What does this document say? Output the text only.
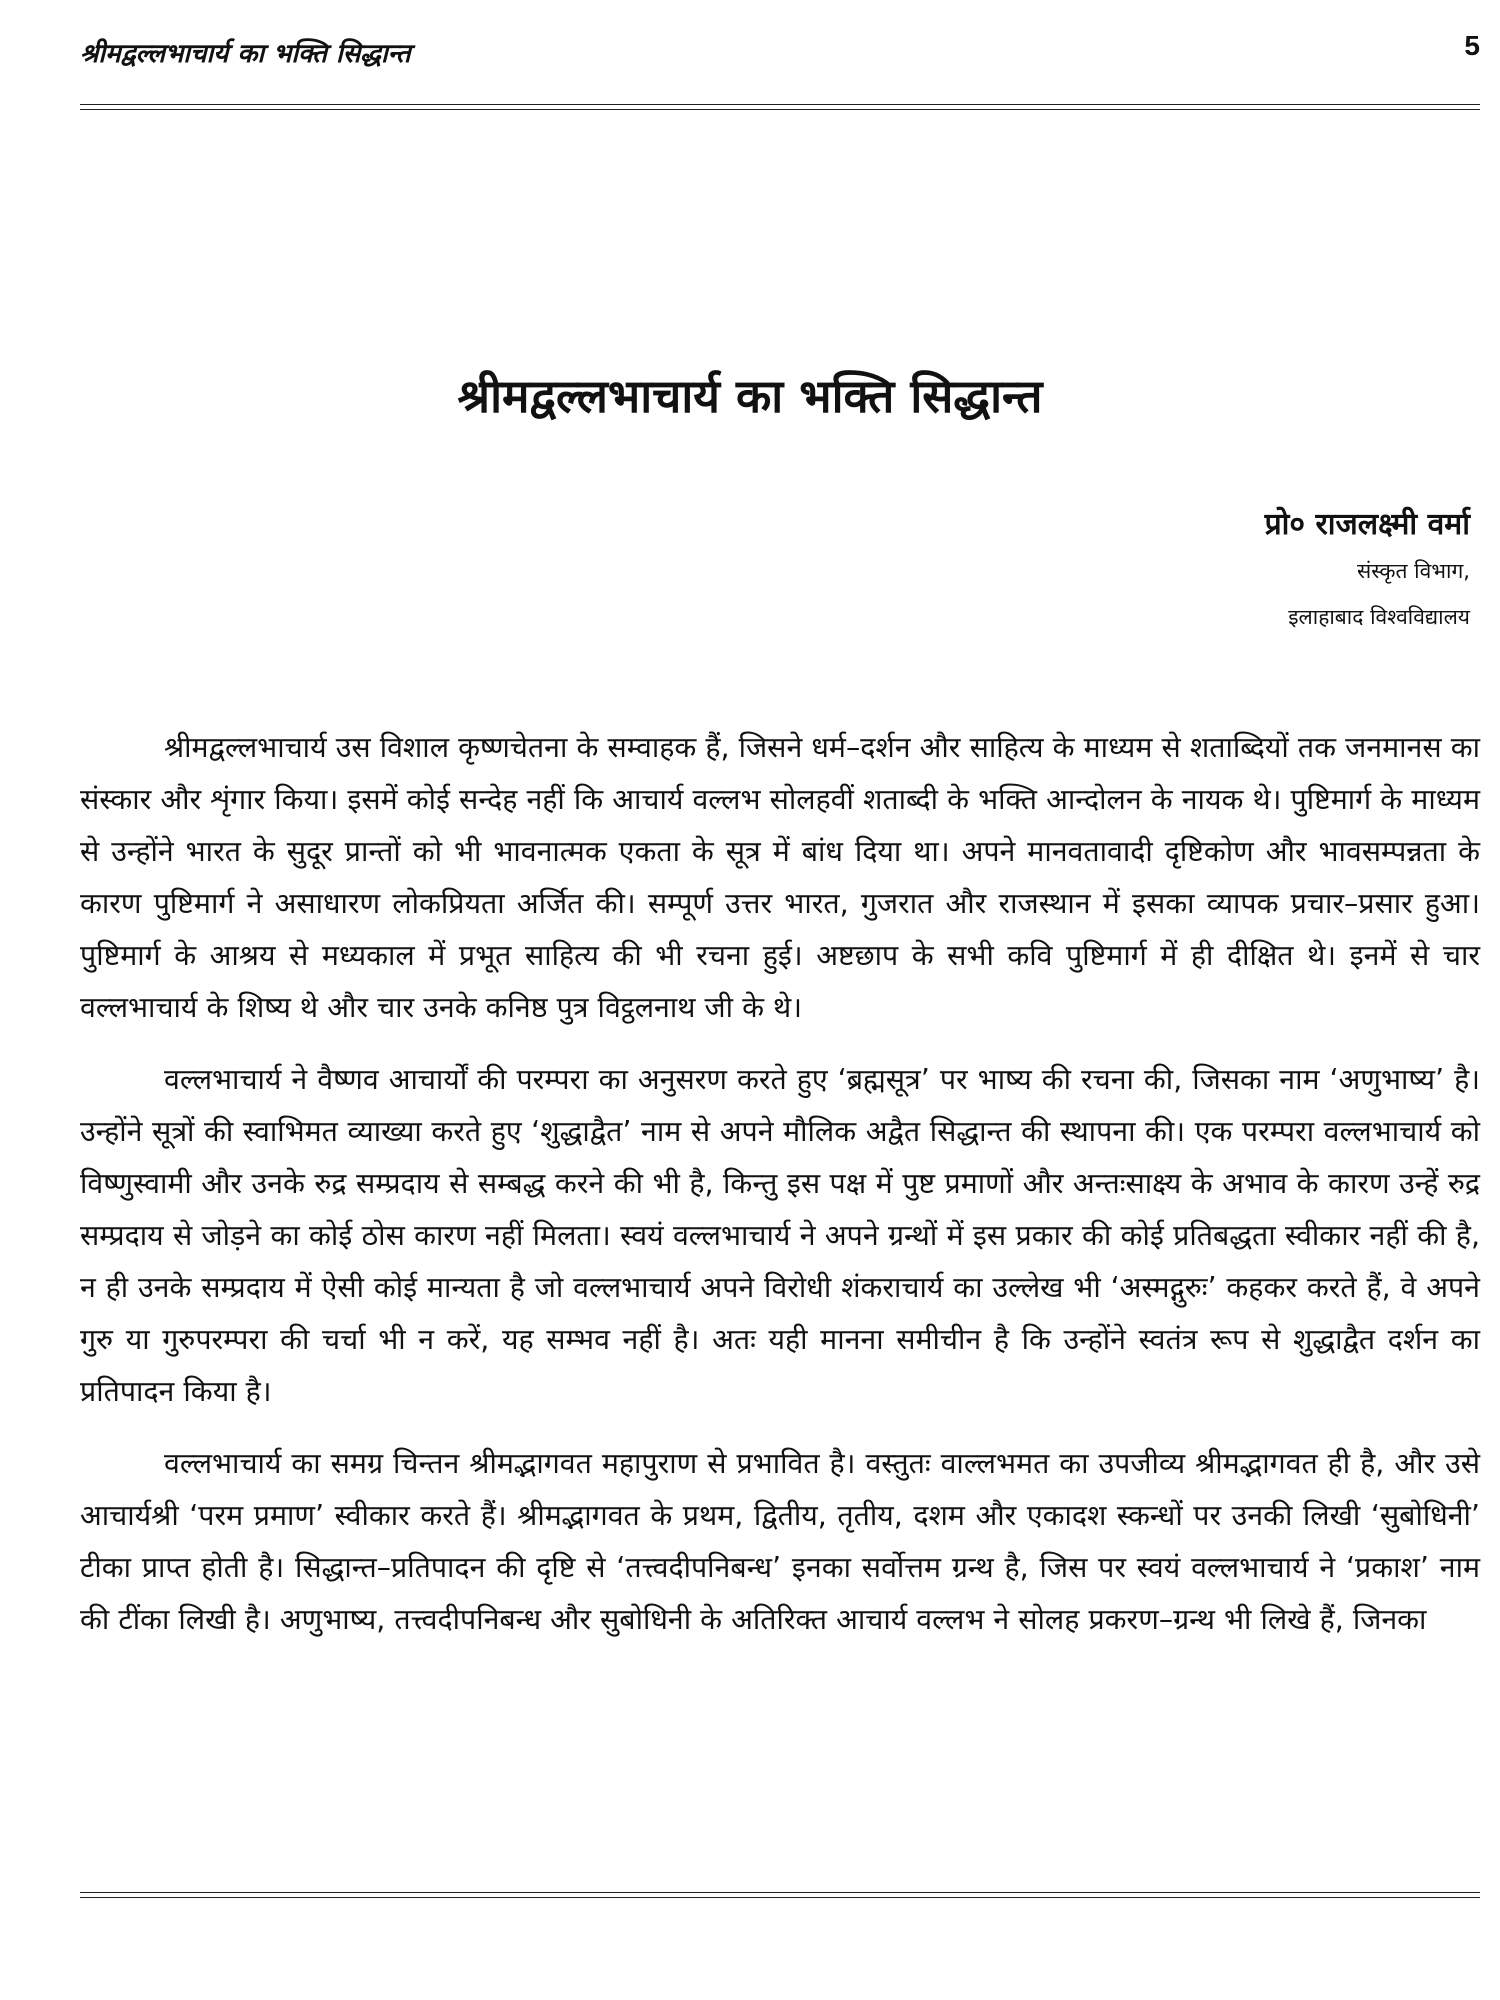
श्रीमद्वल्लभाचार्य का भक्ति सिद्धान्त	5
श्रीमद्वल्लभाचार्य का भक्ति सिद्धान्त
प्रो० राजलक्ष्मी वर्मा
संस्कृत विभाग,
इलाहाबाद विश्वविद्यालय

श्रीमद्वल्लभाचार्य उस विशाल कृष्णचेतना के सम्वाहक हैं, जिसने धर्म–दर्शन और साहित्य के माध्यम से शताब्दियों तक जनमानस का संस्कार और शृंगार किया। इसमें कोई सन्देह नहीं कि आचार्य वल्लभ सोलहवीं शताब्दी के भक्ति आन्दोलन के नायक थे। पुष्टिमार्ग के माध्यम से उन्होंने भारत के सुदूर प्रान्तों को भी भावनात्मक एकता के सूत्र में बांध दिया था। अपने मानवतावादी दृष्टिकोण और भावसम्पन्नता के कारण पुष्टिमार्ग ने असाधारण लोकप्रियता अर्जित की। सम्पूर्ण उत्तर भारत, गुजरात और राजस्थान में इसका व्यापक प्रचार–प्रसार हुआ। पुष्टिमार्ग के आश्रय से मध्यकाल में प्रभूत साहित्य की भी रचना हुई। अष्टछाप के सभी कवि पुष्टिमार्ग में ही दीक्षित थे। इनमें से चार वल्लभाचार्य के शिष्य थे और चार उनके कनिष्ठ पुत्र विट्ठलनाथ जी के थे।

वल्लभाचार्य ने वैष्णव आचार्यों की परम्परा का अनुसरण करते हुए ‘ब्रह्मसूत्र’ पर भाष्य की रचना की, जिसका नाम ‘अणुभाष्य’ है। उन्होंने सूत्रों की स्वाभिमत व्याख्या करते हुए ‘शुद्धाद्वैत’ नाम से अपने मौलिक अद्वैत सिद्धान्त की स्थापना की। एक परम्परा वल्लभाचार्य को विष्णुस्वामी और उनके रुद्र सम्प्रदाय से सम्बद्ध करने की भी है, किन्तु इस पक्ष में पुष्ट प्रमाणों और अन्तःसाक्ष्य के अभाव के कारण उन्हें रुद्र सम्प्रदाय से जोड़ने का कोई ठोस कारण नहीं मिलता। स्वयं वल्लभाचार्य ने अपने ग्रन्थों में इस प्रकार की कोई प्रतिबद्धता स्वीकार नहीं की है, न ही उनके सम्प्रदाय में ऐसी कोई मान्यता है जो वल्लभाचार्य अपने विरोधी शंकराचार्य का उल्लेख भी ‘अस्मद्गुरुः’ कहकर करते हैं, वे अपने गुरु या गुरुपरम्परा की चर्चा भी न करें, यह सम्भव नहीं है। अतः यही मानना समीचीन है कि उन्होंने स्वतंत्र रूप से शुद्धाद्वैत दर्शन का प्रतिपादन किया है।

वल्लभाचार्य का समग्र चिन्तन श्रीमद्भागवत महापुराण से प्रभावित है। वस्तुतः वाल्लभमत का उपजीव्य श्रीमद्भागवत ही है, और उसे आचार्यश्री ‘परम प्रमाण’ स्वीकार करते हैं। श्रीमद्भागवत के प्रथम, द्वितीय, तृतीय, दशम और एकादश स्कन्धों पर उनकी लिखी ‘सुबोधिनी’ टीका प्राप्त होती है। सिद्धान्त–प्रतिपादन की दृष्टि से ‘तत्त्वदीपनिबन्ध’ इनका सर्वोत्तम ग्रन्थ है, जिस पर स्वयं वल्लभाचार्य ने ‘प्रकाश’ नाम की टींका लिखी है। अणुभाष्य, तत्त्वदीपनिबन्ध और सुबोधिनी के अतिरिक्त आचार्य वल्लभ ने सोलह प्रकरण–ग्रन्थ भी लिखे हैं, जिनका
